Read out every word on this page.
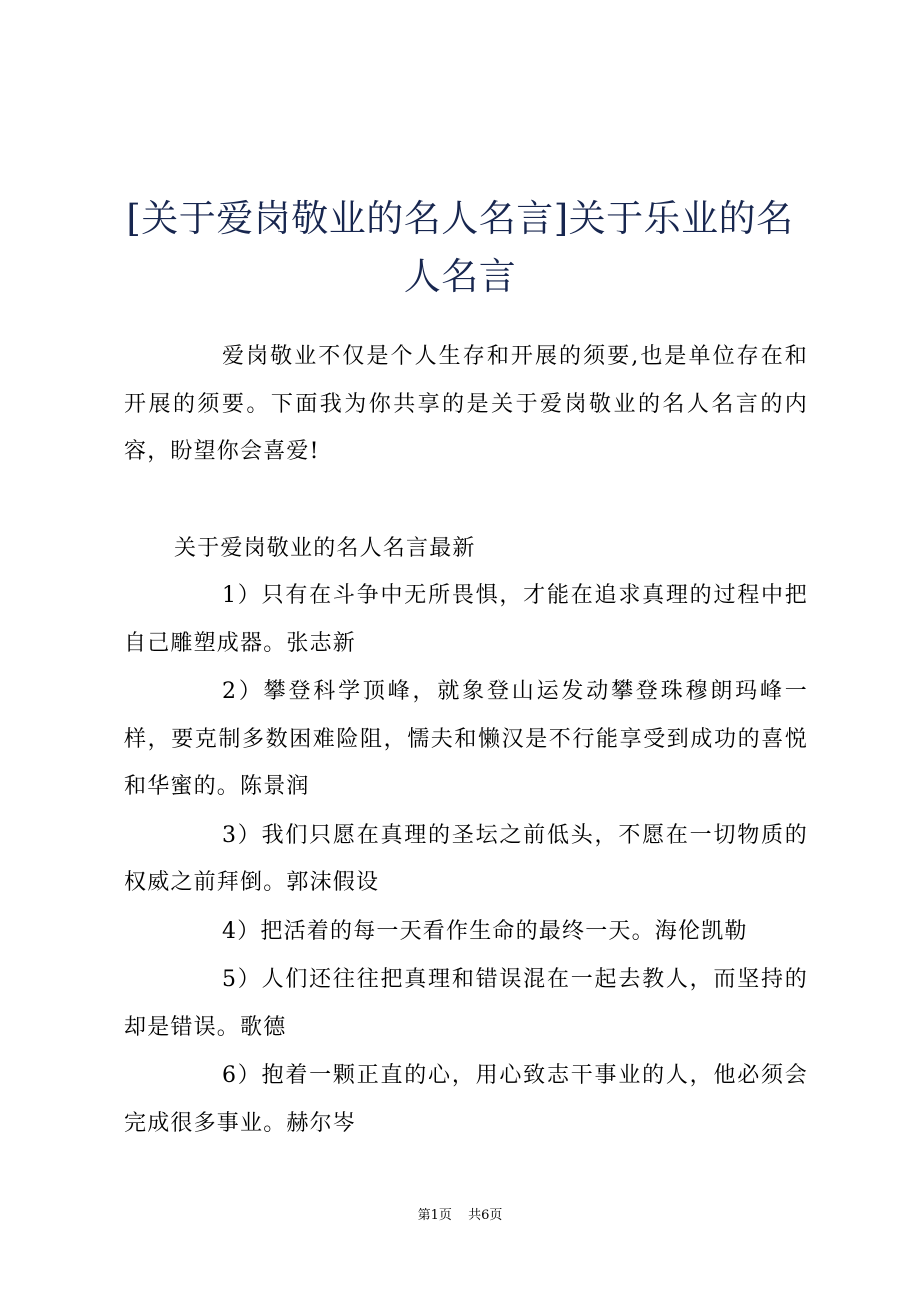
[关于爱岗敬业的名人名言]关于乐业的名人名言

爱岗敬业不仅是个人生存和开展的须要,也是单位存在和开展的须要。下面我为你共享的是关于爱岗敬业的名人名言的内容，盼望你会喜爱!

关于爱岗敬业的名人名言最新
1）只有在斗争中无所畏惧，才能在追求真理的过程中把自己雕塑成器。张志新
2）攀登科学顶峰，就象登山运发动攀登珠穆朗玛峰一样，要克制多数困难险阻，懦夫和懒汉是不行能享受到成功的喜悦和华蜜的。陈景润
3）我们只愿在真理的圣坛之前低头，不愿在一切物质的权威之前拜倒。郭沫假设
4）把活着的每一天看作生命的最终一天。海伦凯勒
5）人们还往往把真理和错误混在一起去教人，而坚持的却是错误。歌德
6）抱着一颗正直的心，用心致志干事业的人，他必须会完成很多事业。赫尔岑
第1页 共6页
